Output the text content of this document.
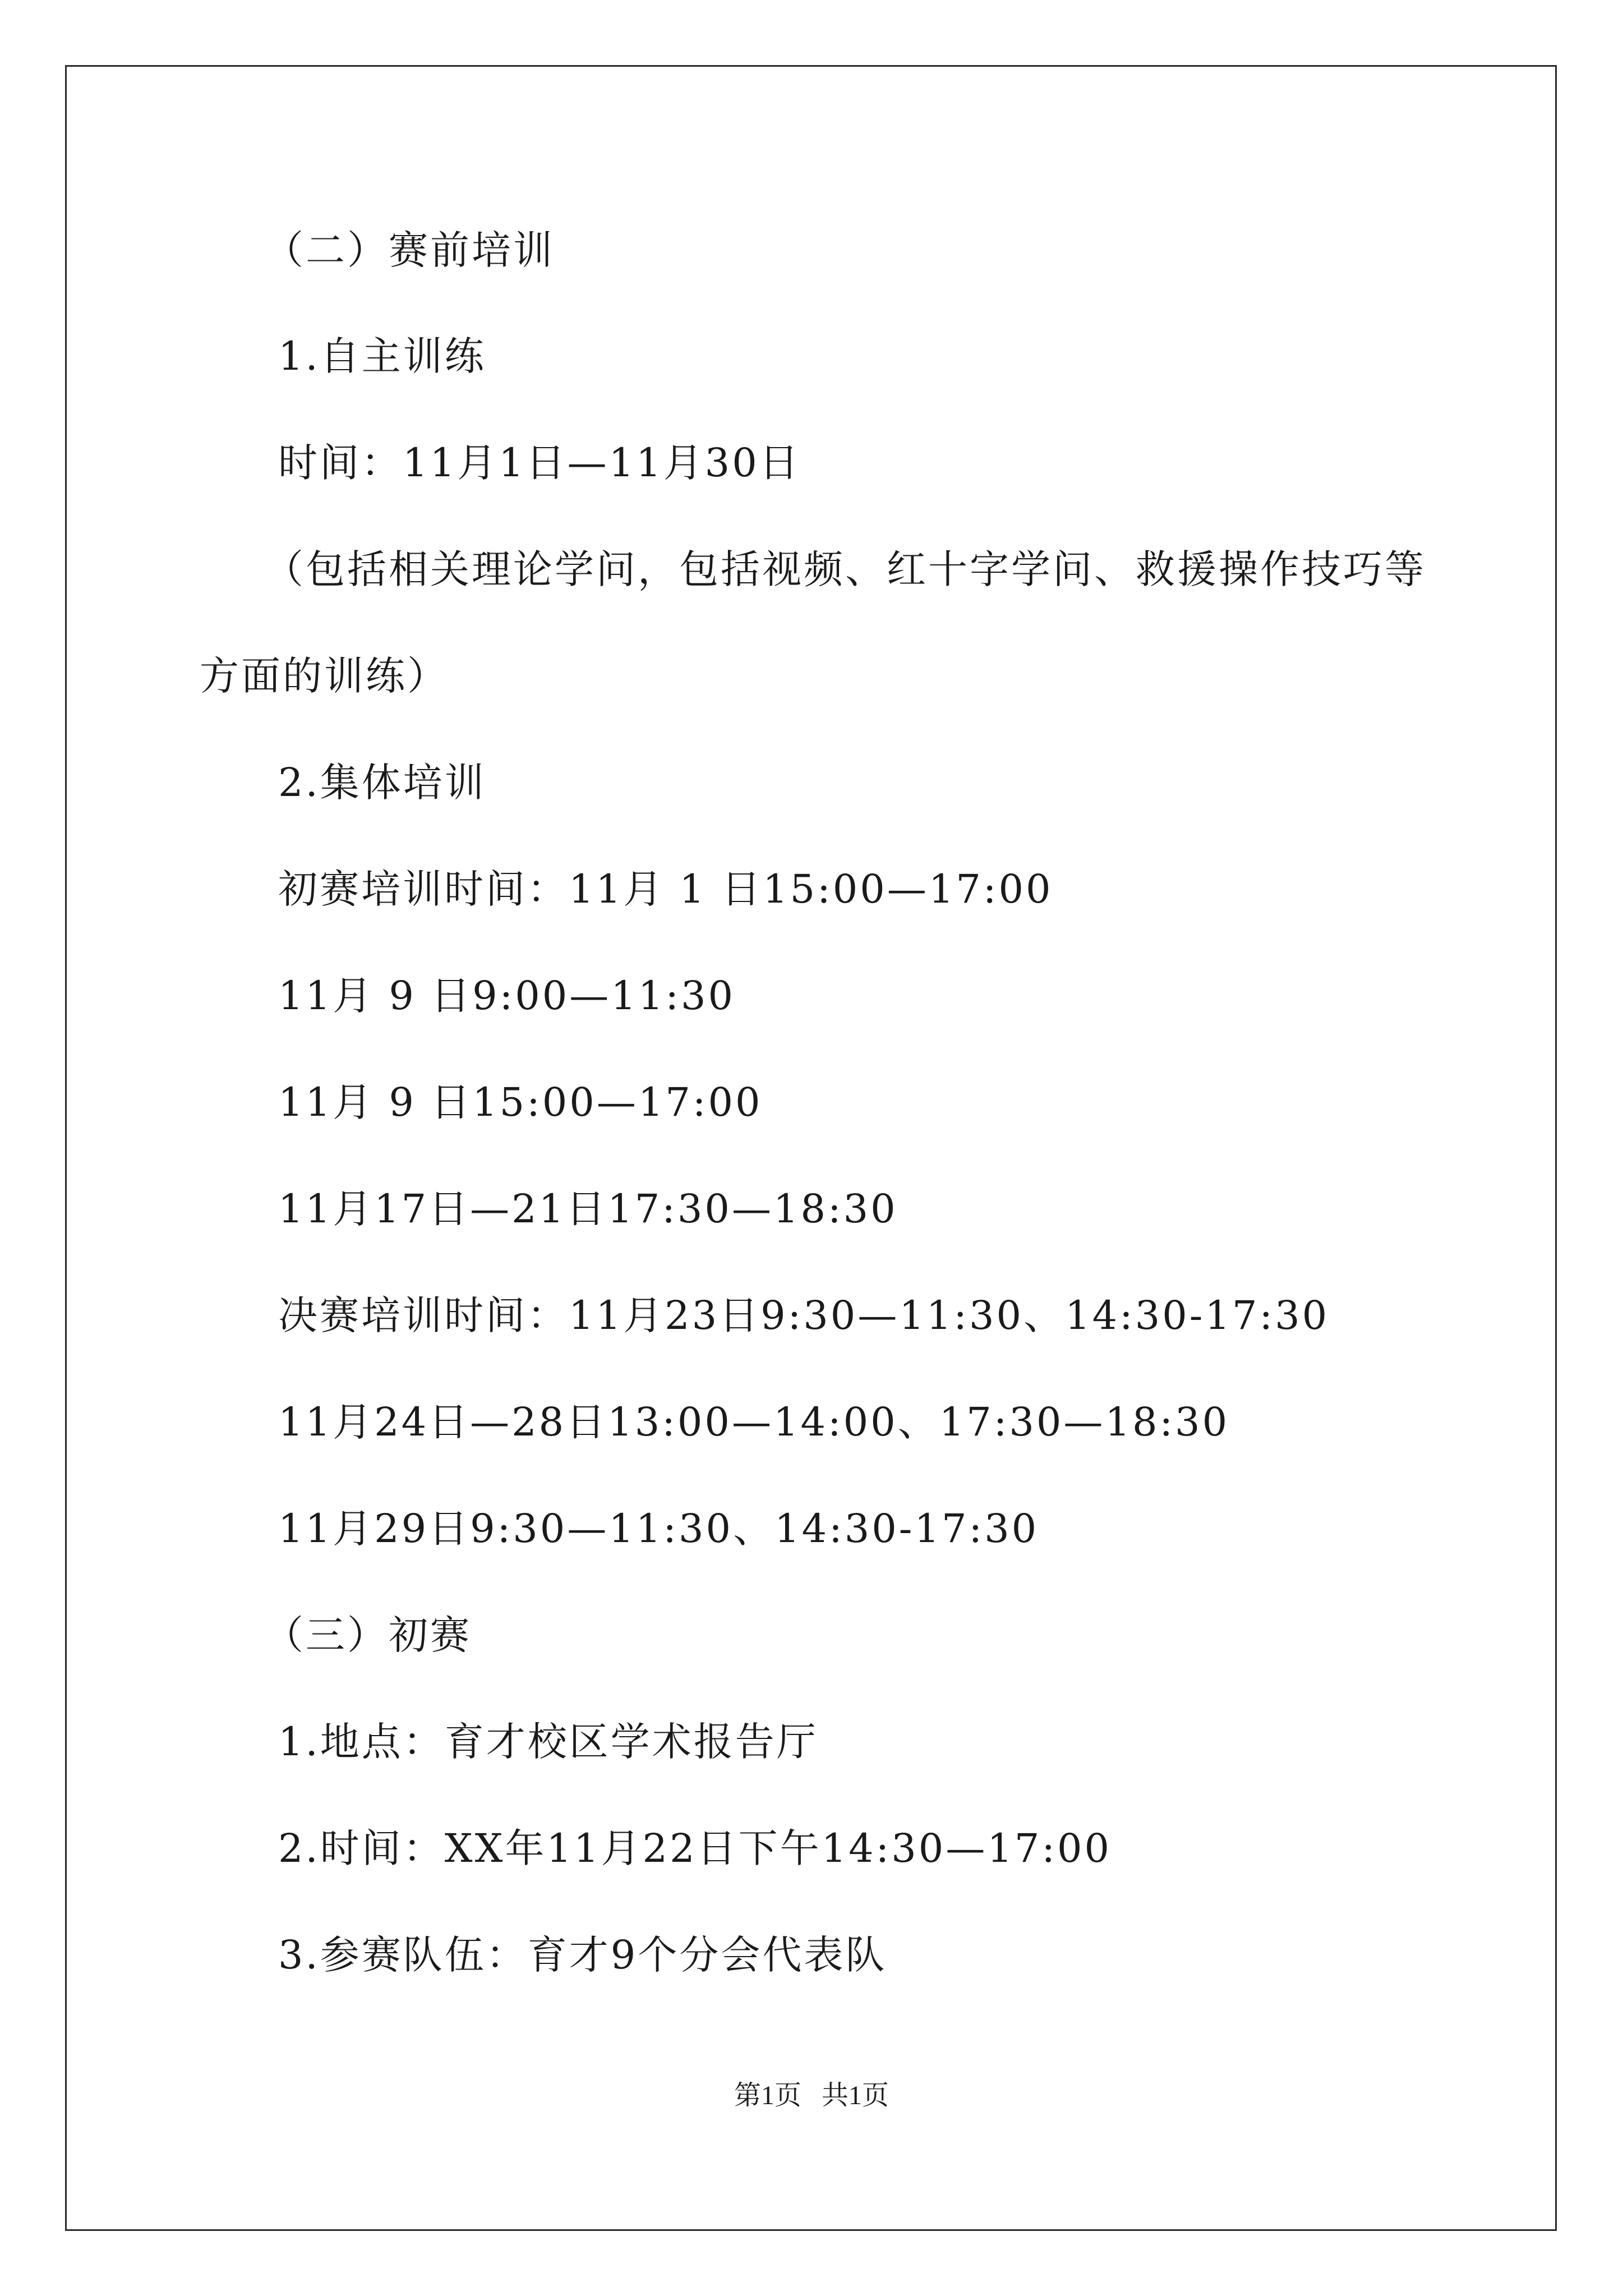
（二）赛前培训
1.自主训练
时间：11月1日—11月30日
（包括相关理论学问，包括视频、红十字学问、救援操作技巧等
方面的训练）
2.集体培训
初赛培训时间：11月 1 日15:00—17:00
11月 9 日9:00—11:30
11月 9 日15:00—17:00
11月17日—21日17:30—18:30
决赛培训时间：11月23日9:30—11:30、14:30-17:30
11月24日—28日13:00—14:00、17:30—18:30
11月29日9:30—11:30、14:30-17:30
（三）初赛
1.地点：育才校区学术报告厅
2.时间：XX年11月22日下午14:30—17:00
3.参赛队伍：育才9个分会代表队
第1页   共1页
